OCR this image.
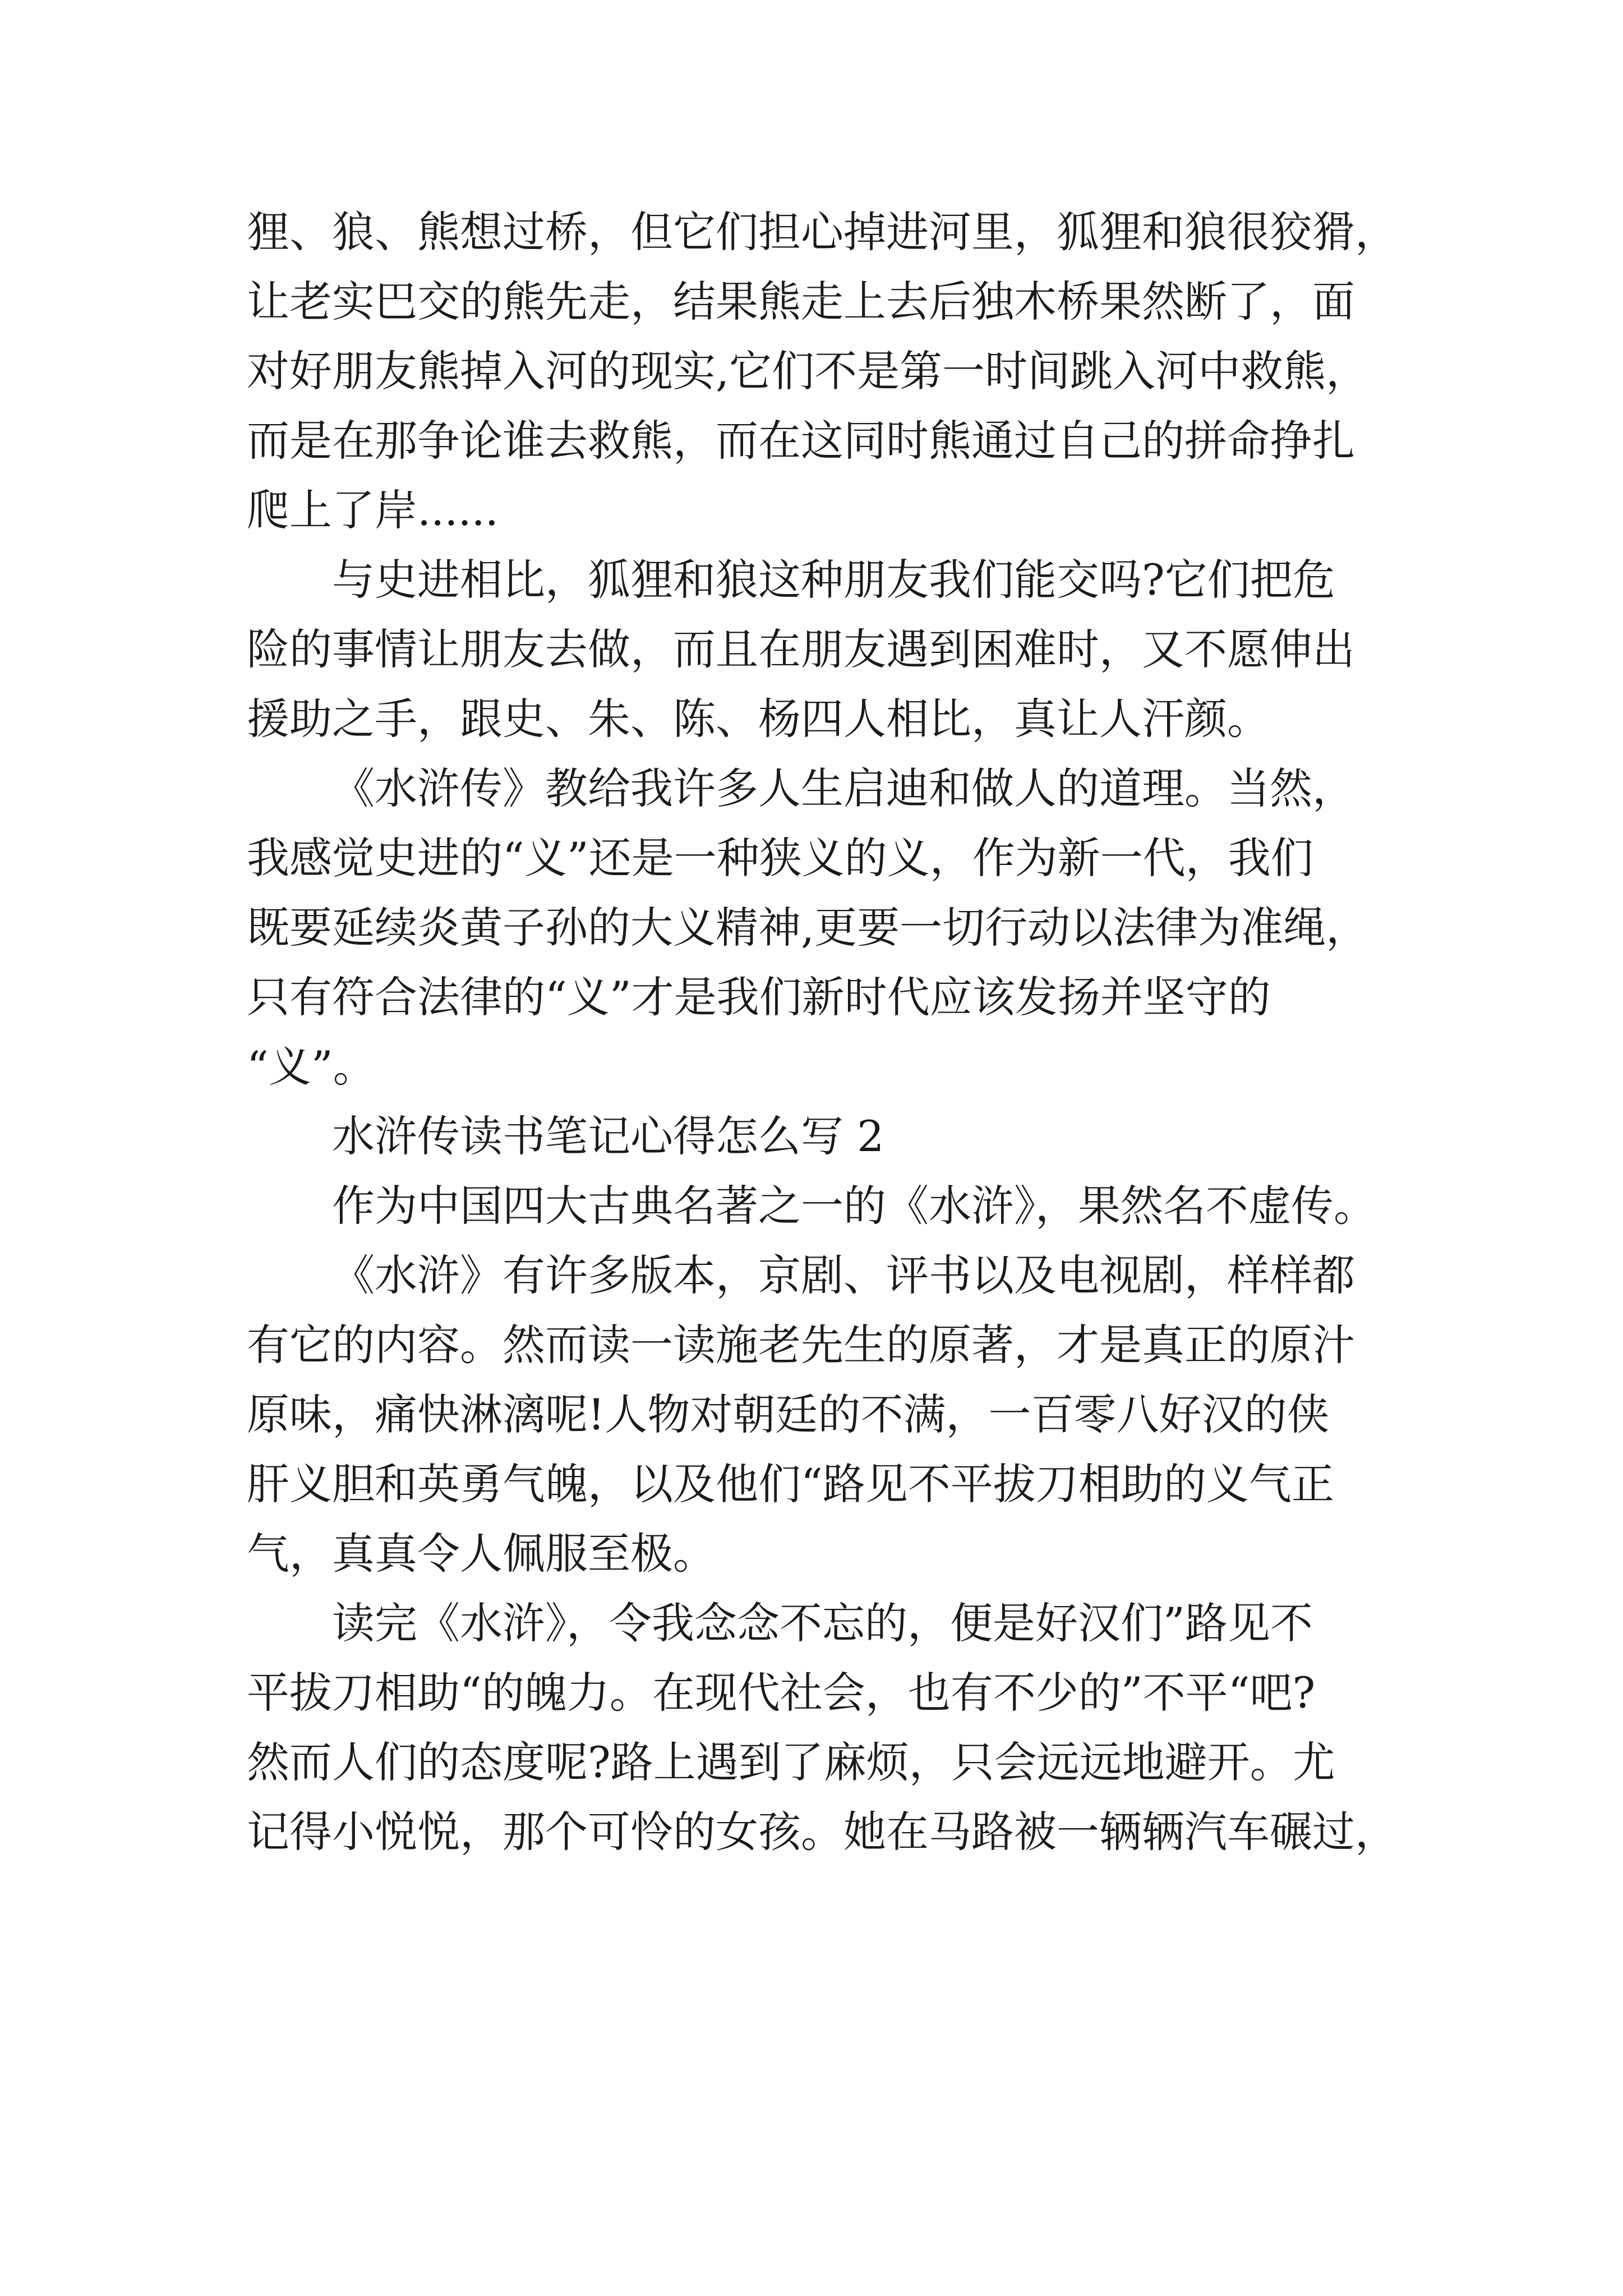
狸、狼、熊想过桥，但它们担心掉进河里，狐狸和狼很狡猾，
让老实巴交的熊先走，结果熊走上去后独木桥果然断了，面
对好朋友熊掉入河的现实,它们不是第一时间跳入河中救熊，
而是在那争论谁去救熊，而在这同时熊通过自己的拼命挣扎
爬上了岸......
与史进相比，狐狸和狼这种朋友我们能交吗?它们把危
险的事情让朋友去做，而且在朋友遇到困难时，又不愿伸出
援助之手，跟史、朱、陈、杨四人相比，真让人汗颜。
《水浒传》教给我许多人生启迪和做人的道理。当然，
我感觉史进的“义”还是一种狭义的义，作为新一代，我们
既要延续炎黄子孙的大义精神,更要一切行动以法律为准绳，
只有符合法律的“义”才是我们新时代应该发扬并坚守的
“义”。
水浒传读书笔记心得怎么写 2
作为中国四大古典名著之一的《水浒》，果然名不虚传。
《水浒》有许多版本，京剧、评书以及电视剧，样样都
有它的内容。然而读一读施老先生的原著，才是真正的原汁
原味，痛快淋漓呢!人物对朝廷的不满，一百零八好汉的侠
肝义胆和英勇气魄，以及他们“路见不平拔刀相助的义气正
气，真真令人佩服至极。
读完《水浒》，令我念念不忘的，便是好汉们”路见不
平拔刀相助“的魄力。在现代社会，也有不少的”不平“吧?
然而人们的态度呢?路上遇到了麻烦，只会远远地避开。尤
记得小悦悦，那个可怜的女孩。她在马路被一辆辆汽车碾过，
